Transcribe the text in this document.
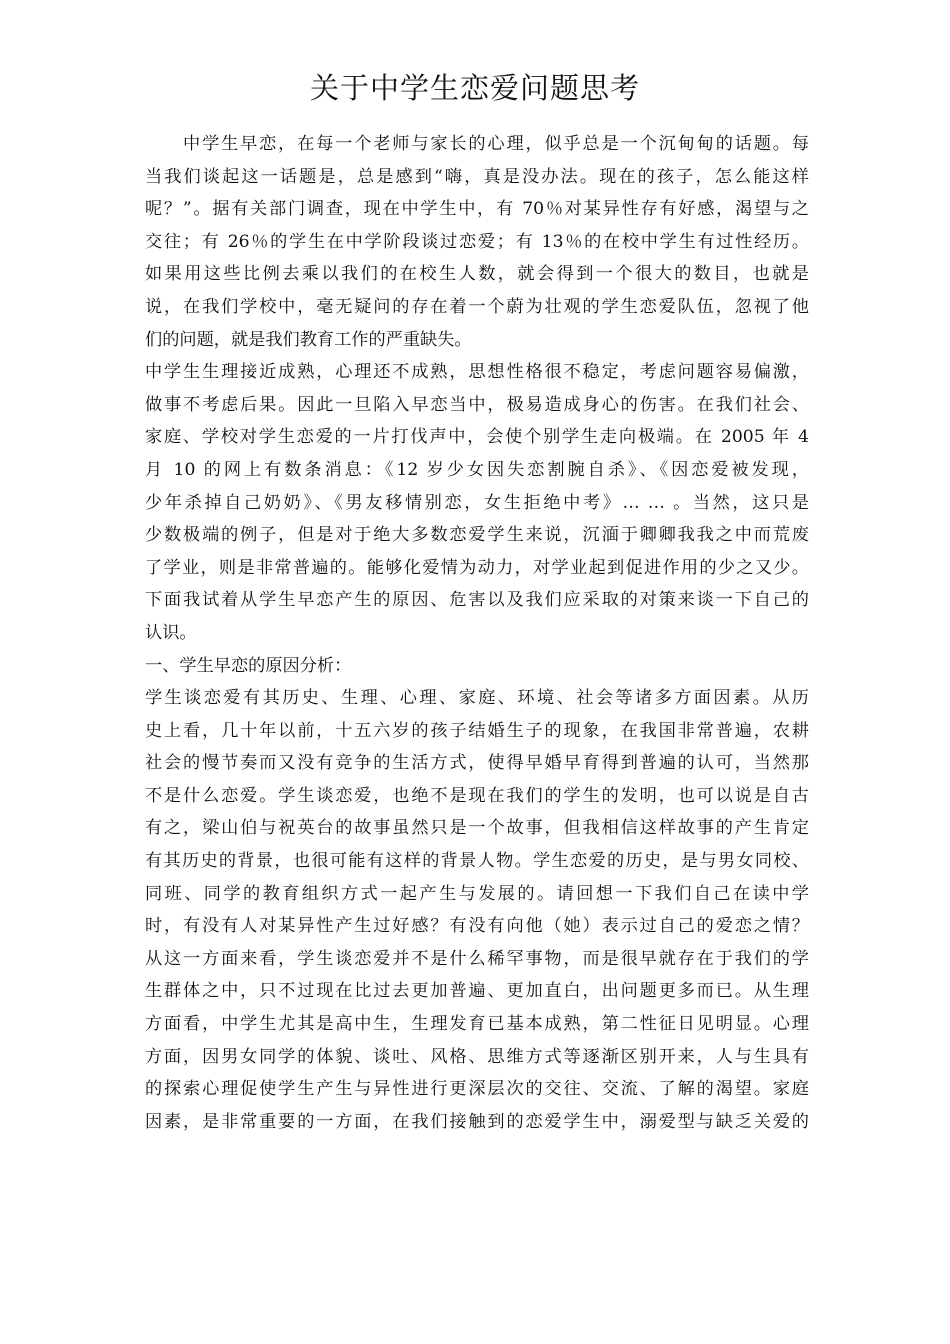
关于中学生恋爱问题思考
　　中学生早恋，在每一个老师与家长的心理，似乎总是一个沉甸甸的话题。每
当我们谈起这一话题是，总是感到“嗨，真是没办法。现在的孩子，怎么能这样
呢？”。据有关部门调查，现在中学生中，有 70％对某异性存有好感，渴望与之
交往；有 26％的学生在中学阶段谈过恋爱；有 13％的在校中学生有过性经历。
如果用这些比例去乘以我们的在校生人数，就会得到一个很大的数目，也就是
说，在我们学校中，毫无疑问的存在着一个蔚为壮观的学生恋爱队伍，忽视了他
们的问题，就是我们教育工作的严重缺失。
中学生生理接近成熟，心理还不成熟，思想性格很不稳定，考虑问题容易偏激，
做事不考虑后果。因此一旦陷入早恋当中，极易造成身心的伤害。在我们社会、
家庭、学校对学生恋爱的一片打伐声中，会使个别学生走向极端。在 2005 年 4
月 10 的网上有数条消息：《12 岁少女因失恋割腕自杀》、《因恋爱被发现，
少年杀掉自己奶奶》、《男友移情别恋，女生拒绝中考》… … 。当然，这只是
少数极端的例子，但是对于绝大多数恋爱学生来说，沉湎于卿卿我我之中而荒废
了学业，则是非常普遍的。能够化爱情为动力，对学业起到促进作用的少之又少。
下面我试着从学生早恋产生的原因、危害以及我们应采取的对策来谈一下自己的
认识。
一、学生早恋的原因分析：
学生谈恋爱有其历史、生理、心理、家庭、环境、社会等诸多方面因素。从历
史上看，几十年以前，十五六岁的孩子结婚生子的现象，在我国非常普遍，农耕
社会的慢节奏而又没有竞争的生活方式，使得早婚早育得到普遍的认可，当然那
不是什么恋爱。学生谈恋爱，也绝不是现在我们的学生的发明，也可以说是自古
有之，梁山伯与祝英台的故事虽然只是一个故事，但我相信这样故事的产生肯定
有其历史的背景，也很可能有这样的背景人物。学生恋爱的历史，是与男女同校、
同班、同学的教育组织方式一起产生与发展的。请回想一下我们自己在读中学
时，有没有人对某异性产生过好感？有没有向他（她）表示过自己的爱恋之情？
从这一方面来看，学生谈恋爱并不是什么稀罕事物，而是很早就存在于我们的学
生群体之中，只不过现在比过去更加普遍、更加直白，出问题更多而已。从生理
方面看，中学生尤其是高中生，生理发育已基本成熟，第二性征日见明显。心理
方面，因男女同学的体貌、谈吐、风格、思维方式等逐渐区别开来，人与生具有
的探索心理促使学生产生与异性进行更深层次的交往、交流、了解的渴望。家庭
因素，是非常重要的一方面，在我们接触到的恋爱学生中，溺爱型与缺乏关爱的
